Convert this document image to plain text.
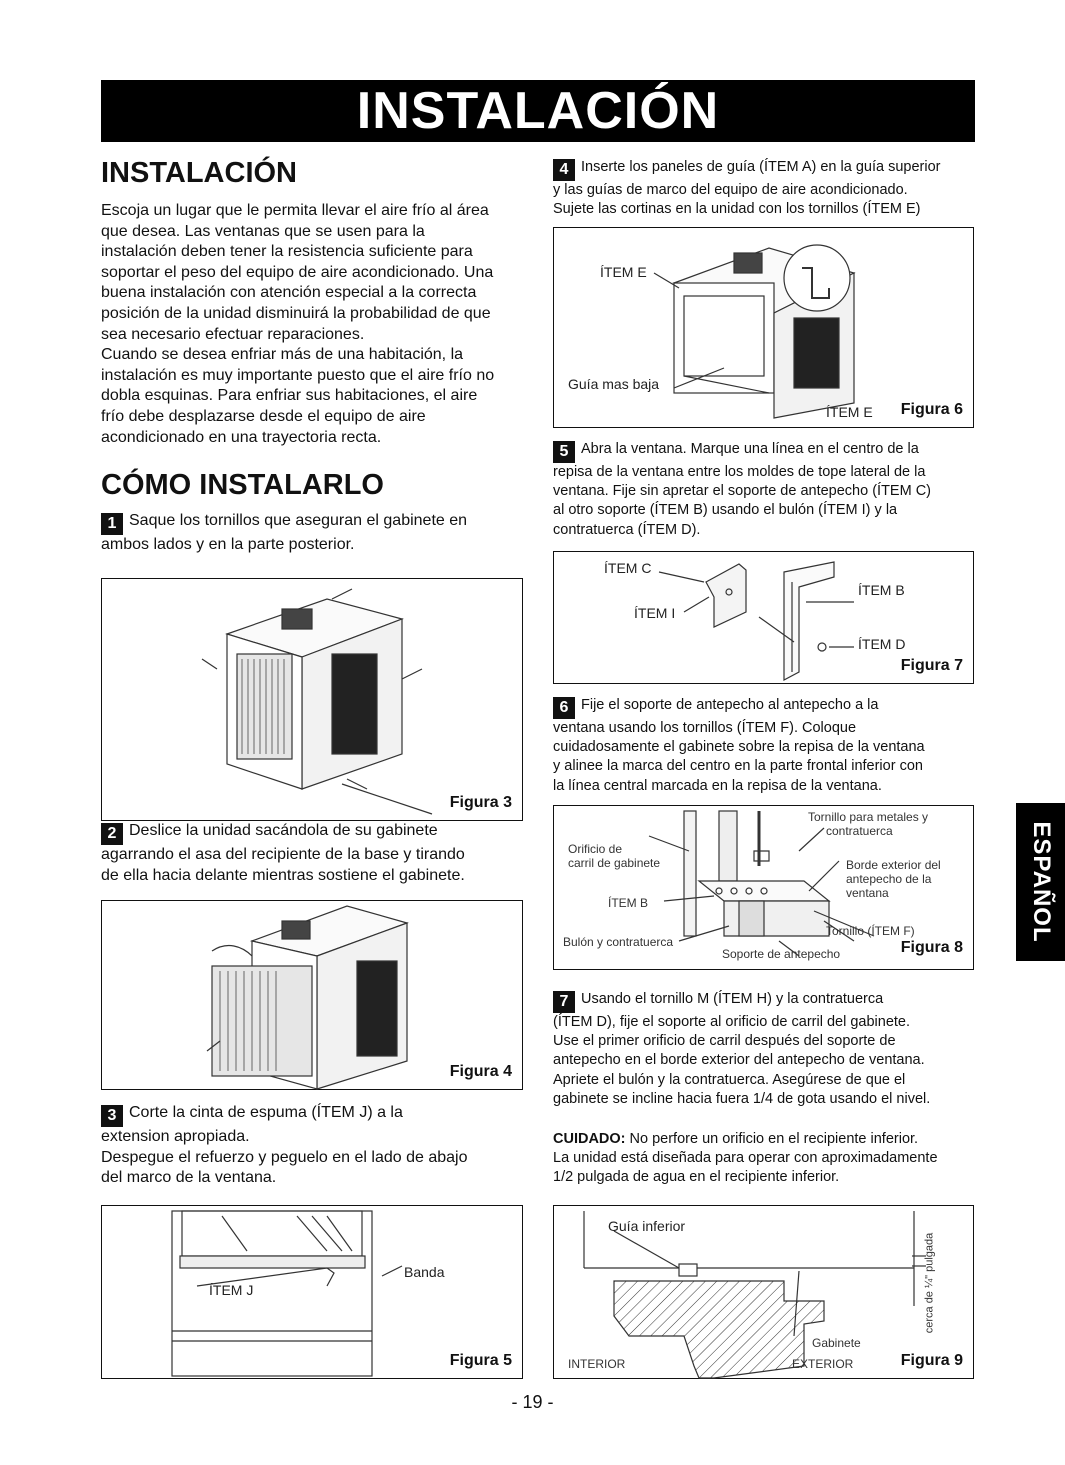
INSTALACIÓN
INSTALACIÓN
Escoja un lugar que le permita llevar el aire frío al área
que desea. Las ventanas que se usen para la
instalación deben tener la resistencia suficiente para
soportar el peso del equipo de aire acondicionado. Una
buena instalación con atención especial a la correcta
posición de la unidad disminuirá la probabilidad de que
sea necesario efectuar reparaciones.
Cuando se desea enfriar más de una habitación, la
instalación es muy importante puesto que el aire frío no
dobla esquinas. Para enfriar sus habitaciones, el aire
frío debe desplazarse desde el equipo de aire
acondicionado en una trayectoria recta.
CÓMO INSTALARLO
1 Saque los tornillos que aseguran el gabinete en
ambos lados y en la parte posterior.
Figura 3
2 Deslice la unidad sacándola de su gabinete
agarrando el asa del recipiente de la base y tirando
de ella hacia delante mientras sostiene el gabinete.
Figura 4
3 Corte la cinta de espuma (ÍTEM J) a la
extension apropiada.
Despegue el refuerzo y peguelo en el lado de abajo
del marco de la ventana.
Banda
ÍTEM J
Figura 5
4 Inserte los paneles de guía (ÍTEM A) en la guía superior
y las guías de marco del equipo de aire acondicionado.
Sujete las cortinas en la unidad con los tornillos (ÍTEM E)
ÍTEM E
Guía mas baja
ÍTEM E Figura 6
5 Abra la ventana. Marque una línea en el centro de la
repisa de la ventana entre los moldes de tope lateral de la
ventana. Fije sin apretar el soporte de antepecho (ÍTEM C)
al otro soporte (ÍTEM B) usando el bulón (ÍTEM I) y la
contratuerca (ÍTEM D).
ÍTEM C
ÍTEM I
ÍTEM B
ÍTEM D
Figura 7
6 Fije el soporte de antepecho al antepecho a la
ventana usando los tornillos (ÍTEM F). Coloque
cuidadosamente el gabinete sobre la repisa de la ventana
y alinee la marca del centro en la parte frontal inferior con
la línea central marcada en la repisa de la ventana.
Orificio de
carril de gabinete
ÍTEM B
Bulón y contratuerca
Soporte de antepecho
Tornillo para metales y
contratuerca
Borde exterior del
antepecho de la
ventana
Tornillo (ÍTEM F)
Figura 8
7 Usando el tornillo M (ÍTEM H) y la contratuerca
(ÍTEM D), fije el soporte al orificio de carril del gabinete.
Use el primer orificio de carril después del soporte de
antepecho en el borde exterior del antepecho de ventana.
Apriete el bulón y la contratuerca. Asegúrese de que el
gabinete se incline hacia fuera 1/4 de gota usando el nivel.
CUIDADO: No perfore un orificio en el recipiente inferior.
La unidad está diseñada para operar con aproximadamente
1/2 pulgada de agua en el recipiente inferior.
Guía inferior
Gabinete
INTERIOR	EXTERIOR
cerca de ¼" pulgada
Figura 9
ESPAÑOL
- 19 -
